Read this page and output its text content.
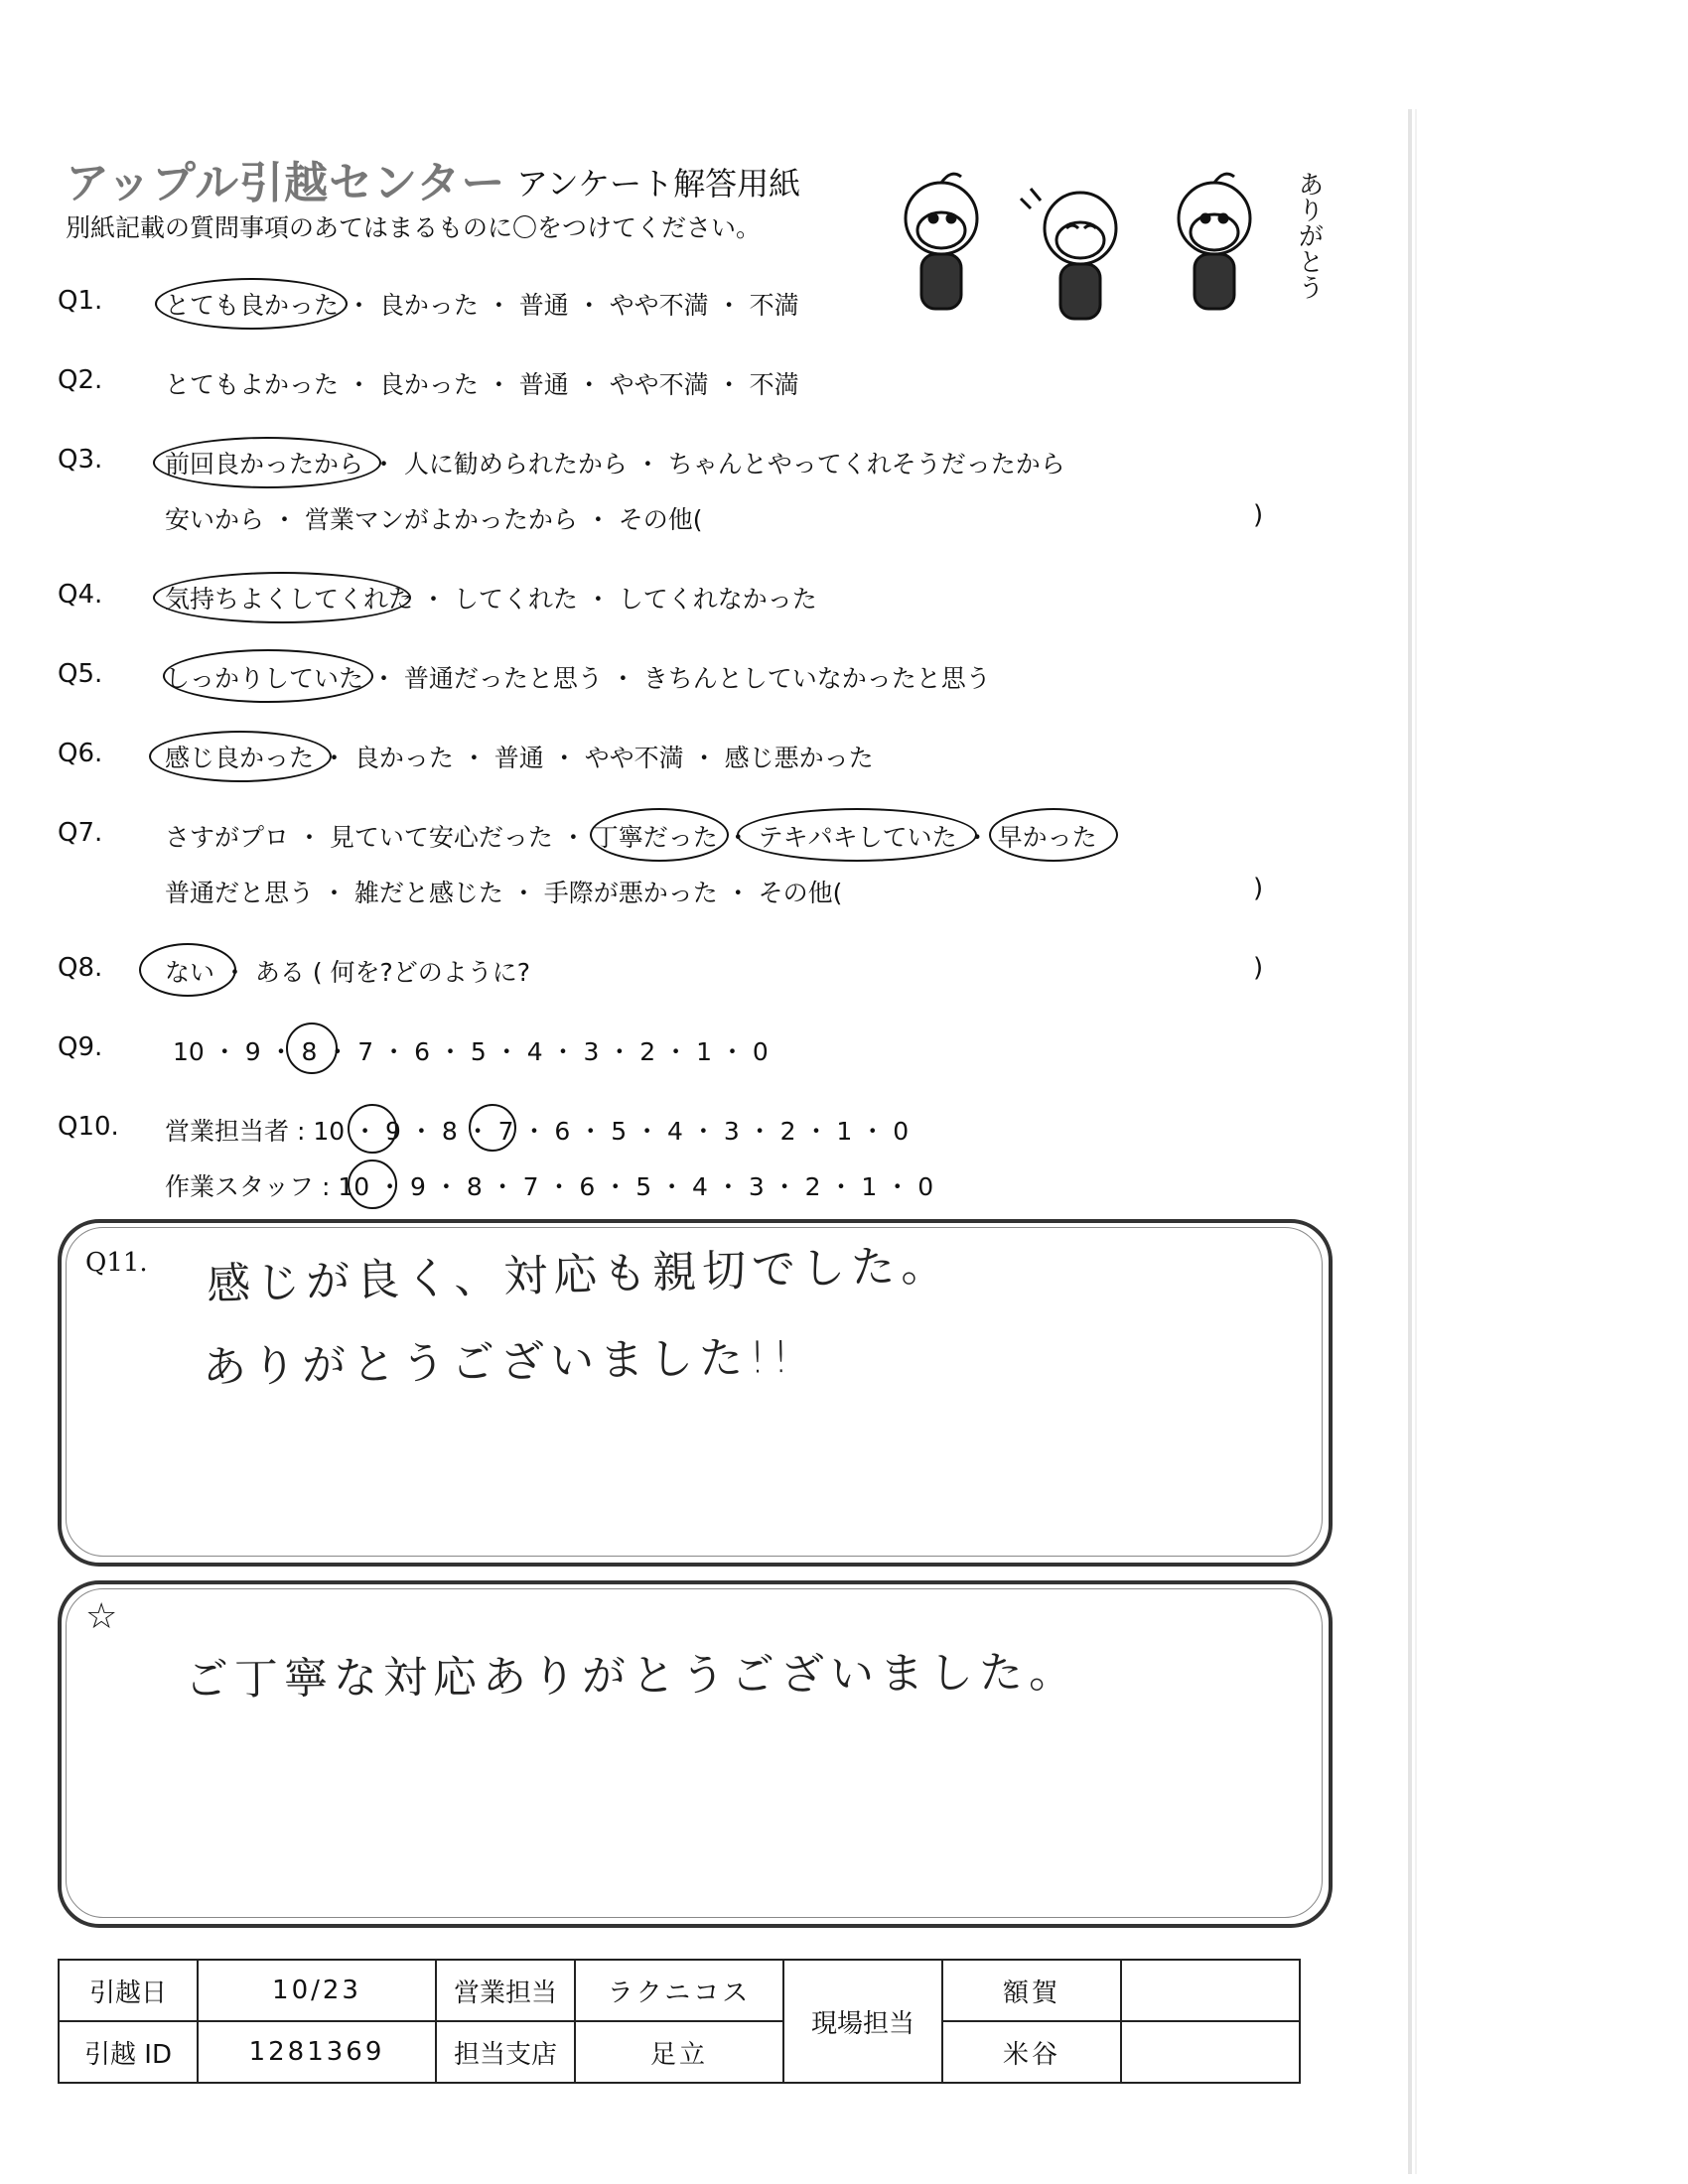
アップル引越センター アンケート解答用紙
別紙記載の質問事項のあてはまるものに〇をつけてください。	ありがとう
Q1.	とても良かった ・ 良かった ・ 普通 ・ やや不満 ・ 不満
Q2.	とてもよかった ・ 良かった ・ 普通 ・ やや不満 ・ 不満
Q3.	前回良かったから ・ 人に勧められたから ・ ちゃんとやってくれそうだったから
安いから ・ 営業マンがよかったから ・ その他(	)
Q4.	気持ちよくしてくれた ・ してくれた ・ してくれなかった
Q5.	しっかりしていた ・ 普通だったと思う ・ きちんとしていなかったと思う
Q6.	感じ良かった ・ 良かった ・ 普通 ・ やや不満 ・ 感じ悪かった
Q7.	さすがプロ ・ 見ていて安心だった ・ 丁寧だった ・ テキパキしていた ・ 早かった
普通だと思う ・ 雑だと感じた ・ 手際が悪かった ・ その他(	)
Q8.	ない ・ ある ( 何を?どのように?	)
Q9.	10 ・ 9 ・ 8 ・ 7 ・ 6 ・ 5 ・ 4 ・ 3 ・ 2 ・ 1 ・ 0
Q10. 営業担当者 : 10 ・ 9 ・ 8 ・ 7 ・ 6 ・ 5 ・ 4 ・ 3 ・ 2 ・ 1 ・ 0
作業スタッフ : 10 ・ 9 ・ 8 ・ 7 ・ 6 ・ 5 ・ 4 ・ 3 ・ 2 ・ 1 ・ 0
Q11. 感じが良く、対応も親切でした。
ありがとうございました!!
☆
ご丁寧な対応ありがとうございました。
引越日	10/23	営業担当	ラクニコス	現場担当	額賀	
引越 ID	1281369	担当支店	足立		米谷	
